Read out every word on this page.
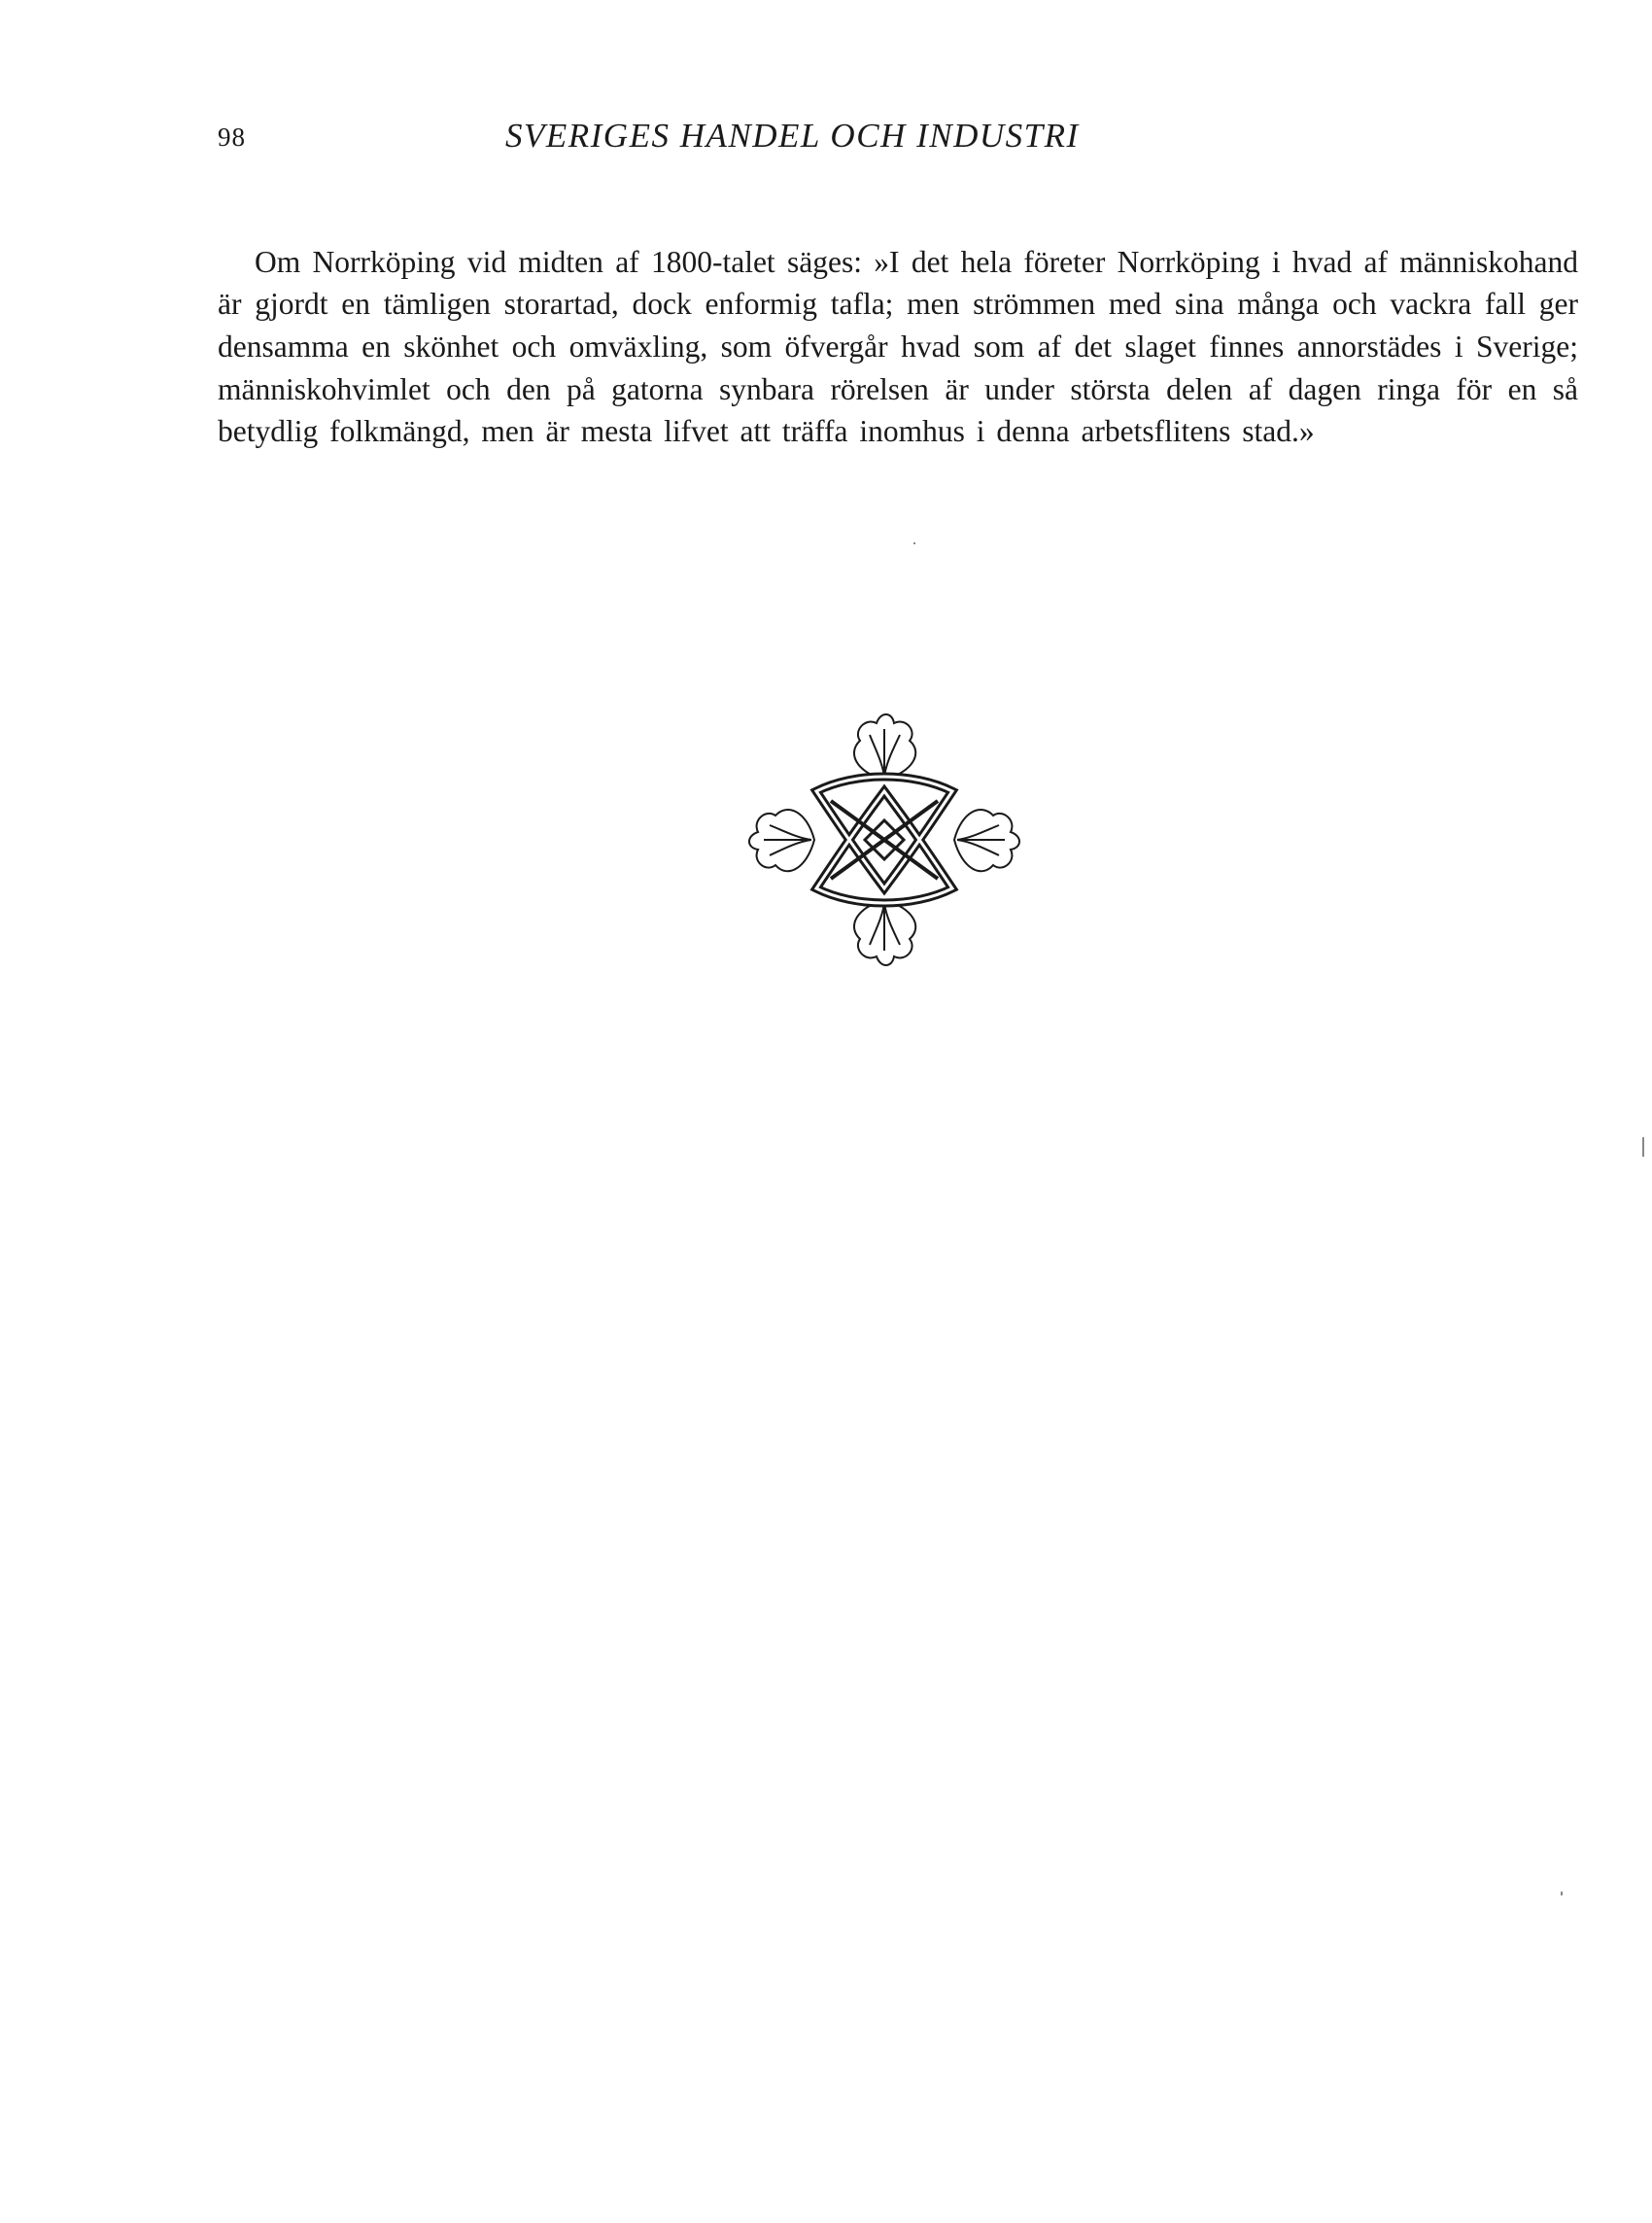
98	SVERIGES HANDEL OCH INDUSTRI

Om Norrköping vid midten af 1800-talet säges: »I det hela företer Norrköping i hvad af människohand är gjordt en tämligen storartad, dock enformig tafla; men strömmen med sina många och vackra fall ger densamma en skönhet och omväxling, som öfvergår hvad som af det slaget finnes annorstädes i Sverige; människohvimlet och den på gatorna synbara rörelsen är under största delen af dagen ringa för en så betydlig folkmängd, men är mesta lifvet att träffa inomhus i denna arbetsflitens stad.»
